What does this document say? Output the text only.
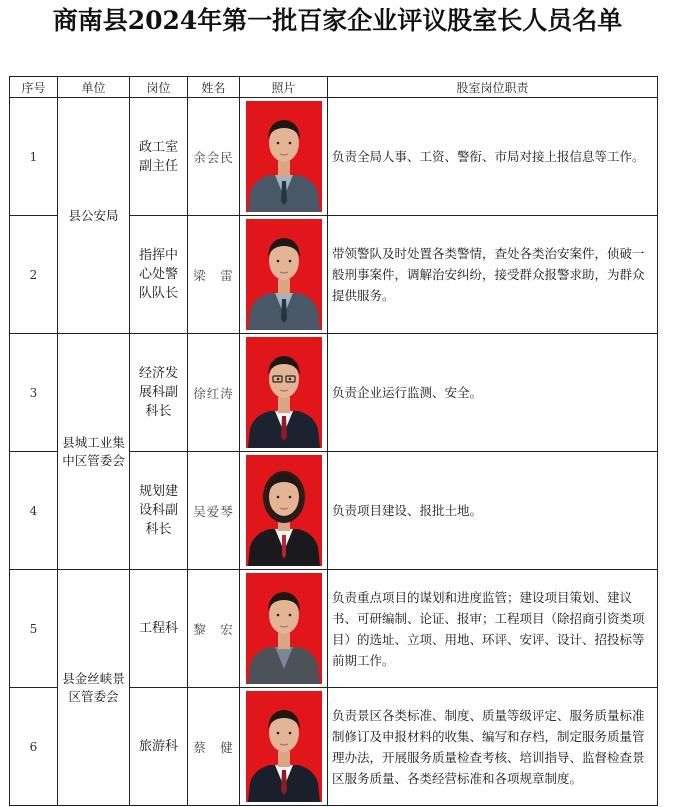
商南县2024年第一批百家企业评议股室长人员名单
序号	单位	岗位	姓名	照片	股室岗位职责
1	县公安局	政工室副主任	余会民		负责全局人事、工资、警衔、市局对接上报信息等工作。
2		指挥中心处警队队长	梁　雷		带领警队及时处置各类警情，查处各类治安案件，侦破一般刑事案件，调解治安纠纷，接受群众报警求助，为群众提供服务。
3	县城工业集中区管委会	经济发展科副科长	徐红涛		负责企业运行监测、安全。
4		规划建设科副科长	吴爱琴		负责项目建设、报批土地。
5	县金丝峡景区管委会	工程科	黎　宏		负责重点项目的谋划和进度监管；建设项目策划、建议书、可研编制、论证、报审；工程项目（除招商引资类项目）的选址、立项、用地、环评、安评、设计、招投标等前期工作。
6		旅游科	蔡　健		负责景区各类标准、制度、质量等级评定、服务质量标准制修订及申报材料的收集、编写和存档，制定服务质量管理办法，开展服务质量检查考核、培训指导、监督检查景区服务质量、各类经营标准和各项规章制度。
